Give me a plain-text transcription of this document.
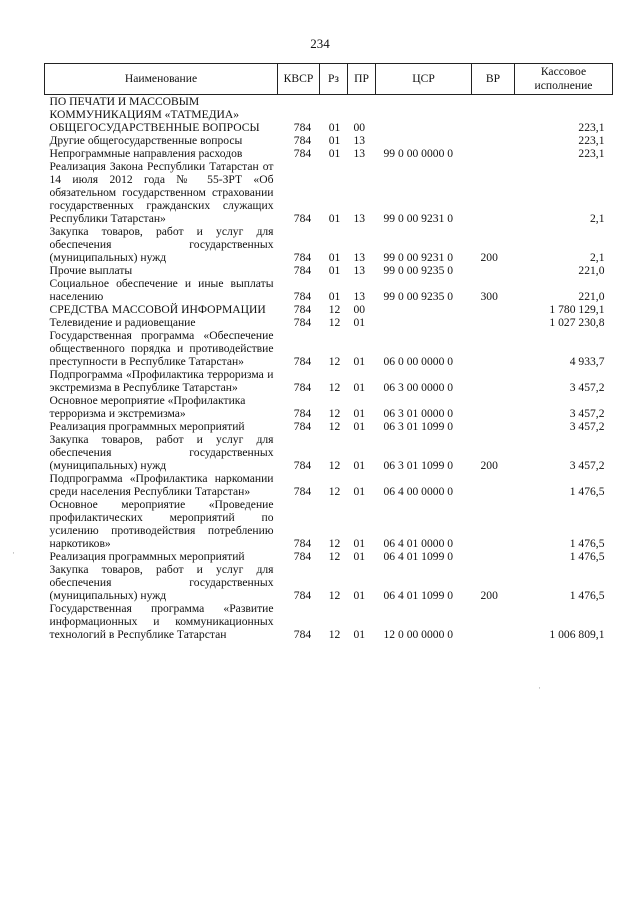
234
Наименование	КВСР	Рз	ПР	ЦСР	ВР	Кассовое исполнение
ПО ПЕЧАТИ И МАССОВЫМ КОММУНИКАЦИЯМ «ТАТМЕДИА»						
ОБЩЕГОСУДАРСТВЕННЫЕ ВОПРОСЫ	784	01	00			223,1
Другие общегосударственные вопросы	784	01	13			223,1
Непрограммные направления расходов	784	01	13	99 0 00 0000 0		223,1
Реализация Закона Республики Татарстан от 14 июля 2012 года № 55-ЗРТ «Об обязательном государственном страховании государственных гражданских служащих Республики Татарстан»	784	01	13	99 0 00 9231 0		2,1
Закупка товаров, работ и услуг для обеспечения государственных (муниципальных) нужд	784	01	13	99 0 00 9231 0	200	2,1
Прочие выплаты	784	01	13	99 0 00 9235 0		221,0
Социальное обеспечение и иные выплаты населению	784	01	13	99 0 00 9235 0	300	221,0
СРЕДСТВА МАССОВОЙ ИНФОРМАЦИИ	784	12	00			1 780 129,1
Телевидение и радиовещание	784	12	01			1 027 230,8
Государственная программа «Обеспечение общественного порядка и противодействие преступности в Республике Татарстан»	784	12	01	06 0 00 0000 0		4 933,7
Подпрограмма «Профилактика терроризма и экстремизма в Республике Татарстан»	784	12	01	06 3 00 0000 0		3 457,2
Основное мероприятие «Профилактика терроризма и экстремизма»	784	12	01	06 3 01 0000 0		3 457,2
Реализация программных мероприятий	784	12	01	06 3 01 1099 0		3 457,2
Закупка товаров, работ и услуг для обеспечения государственных (муниципальных) нужд	784	12	01	06 3 01 1099 0	200	3 457,2
Подпрограмма «Профилактика наркомании среди населения Республики Татарстан»	784	12	01	06 4 00 0000 0		1 476,5
Основное мероприятие «Проведение профилактических мероприятий по усилению противодействия потреблению наркотиков»	784	12	01	06 4 01 0000 0		1 476,5
Реализация программных мероприятий	784	12	01	06 4 01 1099 0		1 476,5
Закупка товаров, работ и услуг для обеспечения государственных (муниципальных) нужд	784	12	01	06 4 01 1099 0	200	1 476,5
Государственная программа «Развитие информационных и коммуникационных технологий в Республике Татарстан	784	12	01	12 0 00 0000 0		1 006 809,1
·
·
